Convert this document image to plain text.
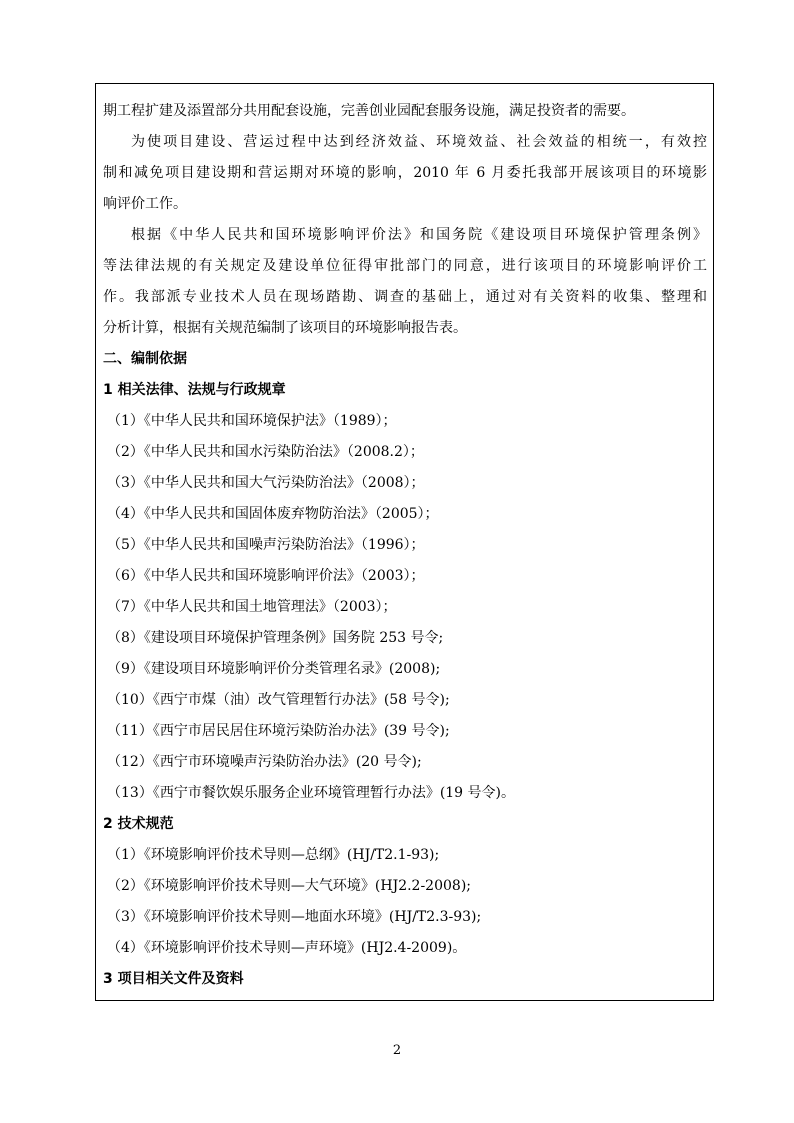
期工程扩建及添置部分共用配套设施，完善创业园配套服务设施，满足投资者的需要。
为使项目建设、营运过程中达到经济效益、环境效益、社会效益的相统一，有效控
制和减免项目建设期和营运期对环境的影响，2010 年 6 月委托我部开展该项目的环境影
响评价工作。
根据《中华人民共和国环境影响评价法》和国务院《建设项目环境保护管理条例》
等法律法规的有关规定及建设单位征得审批部门的同意，进行该项目的环境影响评价工
作。我部派专业技术人员在现场踏勘、调查的基础上，通过对有关资料的收集、整理和
分析计算，根据有关规范编制了该项目的环境影响报告表。
二、编制依据
1 相关法律、法规与行政规章
（1）《中华人民共和国环境保护法》（1989）；
（2）《中华人民共和国水污染防治法》（2008.2）；
（3）《中华人民共和国大气污染防治法》（2008）；
（4）《中华人民共和国固体废弃物防治法》（2005）；
（5）《中华人民共和国噪声污染防治法》（1996）；
（6）《中华人民共和国环境影响评价法》（2003）；
（7）《中华人民共和国土地管理法》（2003）；
（8）《建设项目环境保护管理条例》国务院 253 号令;
（9）《建设项目环境影响评价分类管理名录》(2008);
（10）《西宁市煤（油）改气管理暂行办法》(58 号令);
（11）《西宁市居民居住环境污染防治办法》(39 号令);
（12）《西宁市环境噪声污染防治办法》(20 号令);
（13）《西宁市餐饮娱乐服务企业环境管理暂行办法》(19 号令)。
2 技术规范
（1）《环境影响评价技术导则—总纲》(HJ/T2.1-93);
（2）《环境影响评价技术导则—大气环境》(HJ2.2-2008);
（3）《环境影响评价技术导则—地面水环境》(HJ/T2.3-93);
（4）《环境影响评价技术导则—声环境》(HJ2.4-2009)。
3 项目相关文件及资料
2
